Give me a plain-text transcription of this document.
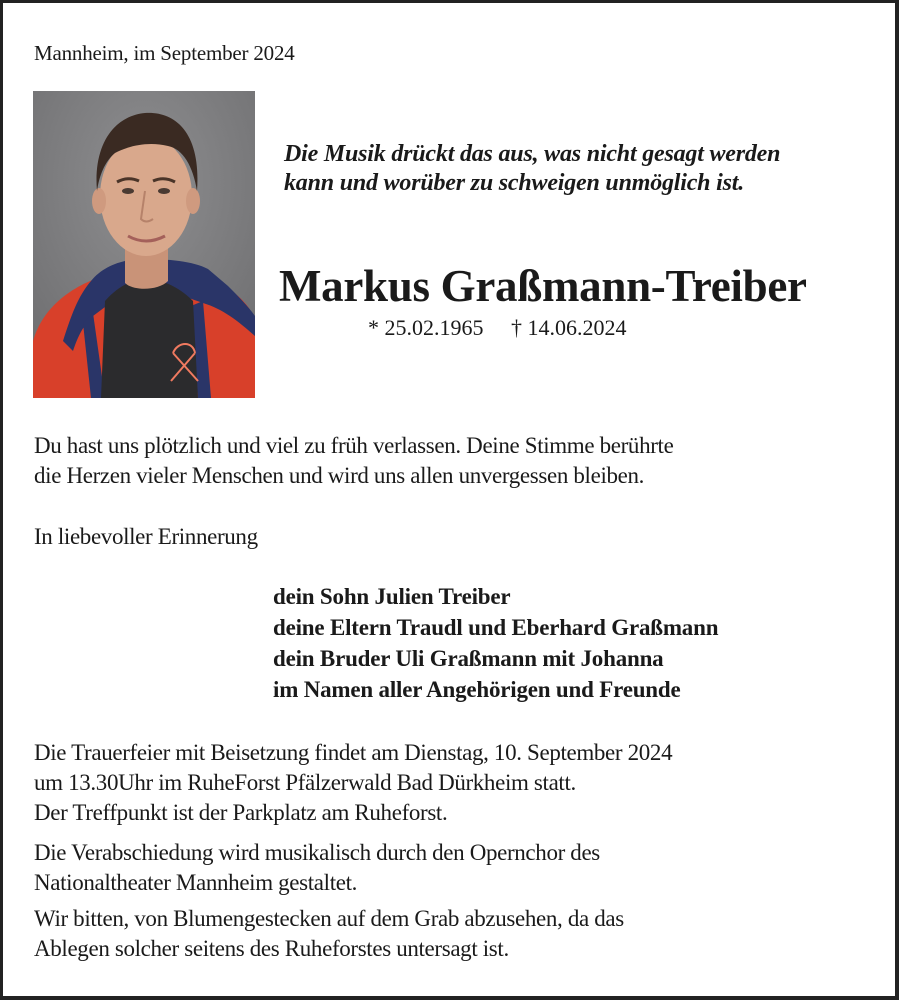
Mannheim, im September 2024
Die Musik drückt das aus, was nicht gesagt werden
kann und worüber zu schweigen unmöglich ist.
Markus Graßmann-Treiber
* 25.02.1965 † 14.06.2024
Du hast uns plötzlich und viel zu früh verlassen. Deine Stimme berührte
die Herzen vieler Menschen und wird uns allen unvergessen bleiben.
In liebevoller Erinnerung
dein Sohn Julien Treiber
deine Eltern Traudl und Eberhard Graßmann
dein Bruder Uli Graßmann mit Johanna
im Namen aller Angehörigen und Freunde
Die Trauerfeier mit Beisetzung findet am Dienstag, 10. September 2024
um 13.30Uhr im RuheForst Pfälzerwald Bad Dürkheim statt.
Der Treffpunkt ist der Parkplatz am Ruheforst.
Die Verabschiedung wird musikalisch durch den Opernchor des
Nationaltheater Mannheim gestaltet.
Wir bitten, von Blumengestecken auf dem Grab abzusehen, da das
Ablegen solcher seitens des Ruheforstes untersagt ist.
